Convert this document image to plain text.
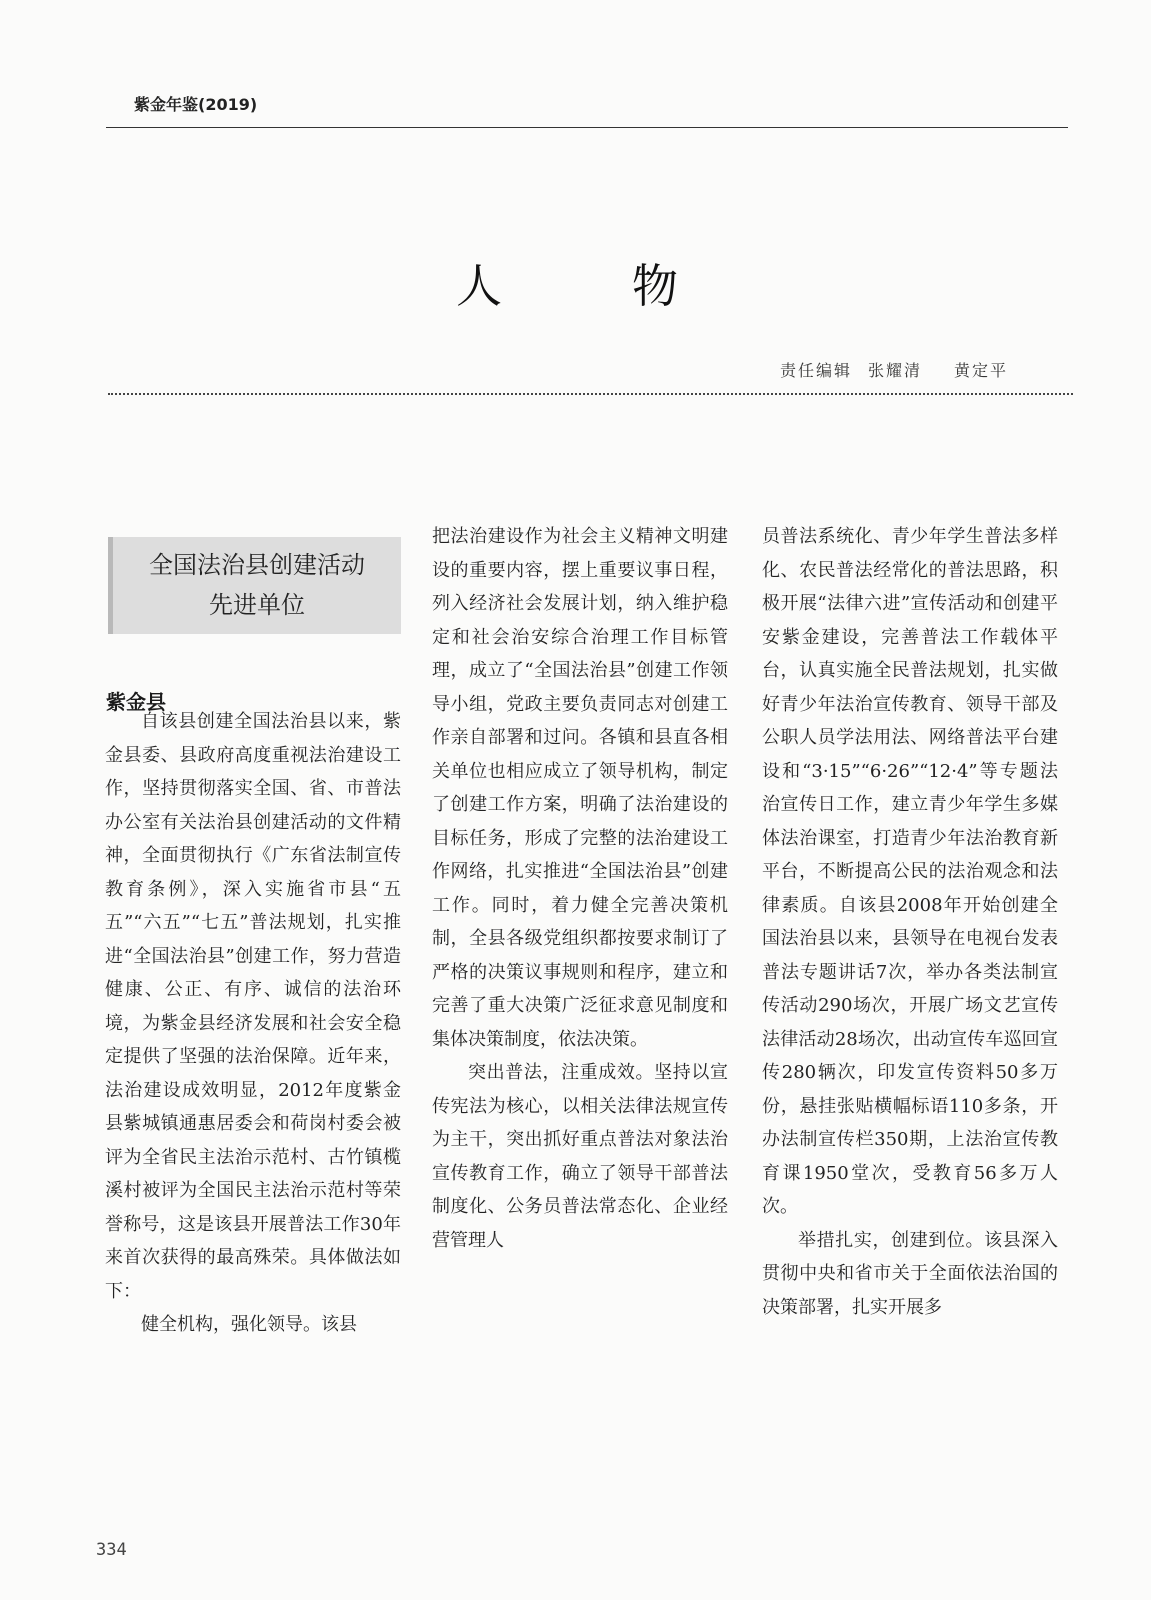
紫金年鉴(2019)
人物
责任编辑 张耀清 黄定平
全国法治县创建活动
先进单位
紫金县

自该县创建全国法治县以来，紫金县委、县政府高度重视法治建设工作，坚持贯彻落实全国、省、市普法办公室有关法治县创建活动的文件精神，全面贯彻执行《广东省法制宣传教育条例》，深入实施省市县“五五”“六五”“七五”普法规划，扎实推进“全国法治县”创建工作，努力营造健康、公正、有序、诚信的法治环境，为紫金县经济发展和社会安全稳定提供了坚强的法治保障。近年来，法治建设成效明显，2012年度紫金县紫城镇通惠居委会和荷岗村委会被评为全省民主法治示范村、古竹镇榄溪村被评为全国民主法治示范村等荣誉称号，这是该县开展普法工作30年来首次获得的最高殊荣。具体做法如下：

健全机构，强化领导。该县

把法治建设作为社会主义精神文明建设的重要内容，摆上重要议事日程，列入经济社会发展计划，纳入维护稳定和社会治安综合治理工作目标管理，成立了“全国法治县”创建工作领导小组，党政主要负责同志对创建工作亲自部署和过问。各镇和县直各相关单位也相应成立了领导机构，制定了创建工作方案，明确了法治建设的目标任务，形成了完整的法治建设工作网络，扎实推进“全国法治县”创建工作。同时，着力健全完善决策机制，全县各级党组织都按要求制订了严格的决策议事规则和程序，建立和完善了重大决策广泛征求意见制度和集体决策制度，依法决策。

突出普法，注重成效。坚持以宣传宪法为核心，以相关法律法规宣传为主干，突出抓好重点普法对象法治宣传教育工作，确立了领导干部普法制度化、公务员普法常态化、企业经营管理人

员普法系统化、青少年学生普法多样化、农民普法经常化的普法思路，积极开展“法律六进”宣传活动和创建平安紫金建设，完善普法工作载体平台，认真实施全民普法规划，扎实做好青少年法治宣传教育、领导干部及公职人员学法用法、网络普法平台建设和“3·15”“6·26”“12·4”等专题法治宣传日工作，建立青少年学生多媒体法治课室，打造青少年法治教育新平台，不断提高公民的法治观念和法律素质。自该县2008年开始创建全国法治县以来，县领导在电视台发表普法专题讲话7次，举办各类法制宣传活动290场次，开展广场文艺宣传法律活动28场次，出动宣传车巡回宣传280辆次，印发宣传资料50多万份，悬挂张贴横幅标语110多条，开办法制宣传栏350期，上法治宣传教育课1950堂次，受教育56多万人次。

举措扎实，创建到位。该县深入贯彻中央和省市关于全面依法治国的决策部署，扎实开展多

334
